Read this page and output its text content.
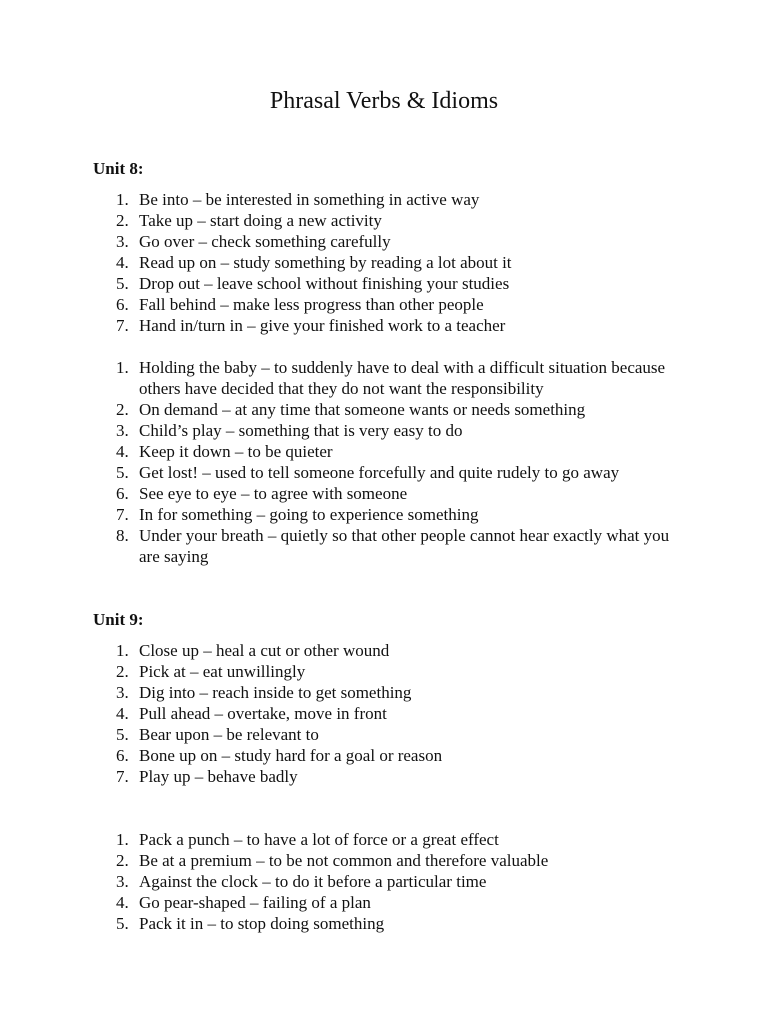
Phrasal Verbs & Idioms
Unit 8:
1. Be into – be interested in something in active way
2. Take up – start doing a new activity
3. Go over – check something carefully
4. Read up on – study something by reading a lot about it
5. Drop out – leave school without finishing your studies
6. Fall behind – make less progress than other people
7. Hand in/turn in – give your finished work to a teacher
1. Holding the baby – to suddenly have to deal with a difficult situation because others have decided that they do not want the responsibility
2. On demand – at any time that someone wants or needs something
3. Child’s play – something that is very easy to do
4. Keep it down – to be quieter
5. Get lost! – used to tell someone forcefully and quite rudely to go away
6. See eye to eye – to agree with someone
7. In for something – going to experience something
8. Under your breath – quietly so that other people cannot hear exactly what you are saying
Unit 9:
1. Close up – heal a cut or other wound
2. Pick at – eat unwillingly
3. Dig into – reach inside to get something
4. Pull ahead – overtake, move in front
5. Bear upon – be relevant to
6. Bone up on – study hard for a goal or reason
7. Play up – behave badly
1. Pack a punch – to have a lot of force or a great effect
2. Be at a premium – to be not common and therefore valuable
3. Against the clock – to do it before a particular time
4. Go pear-shaped – failing of a plan
5. Pack it in – to stop doing something
